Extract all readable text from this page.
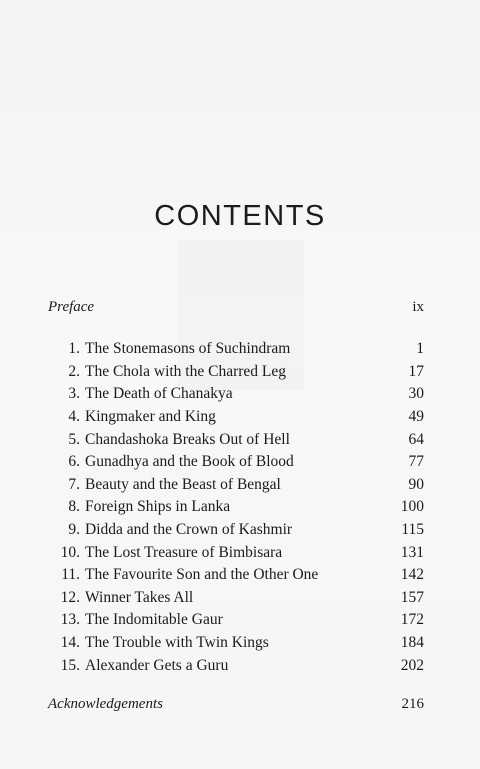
CONTENTS
Preface	ix
1. The Stonemasons of Suchindram	1
2. The Chola with the Charred Leg	17
3. The Death of Chanakya	30
4. Kingmaker and King	49
5. Chandashoka Breaks Out of Hell	64
6. Gunadhya and the Book of Blood	77
7. Beauty and the Beast of Bengal	90
8. Foreign Ships in Lanka	100
9. Didda and the Crown of Kashmir	115
10. The Lost Treasure of Bimbisara	131
11. The Favourite Son and the Other One	142
12. Winner Takes All	157
13. The Indomitable Gaur	172
14. The Trouble with Twin Kings	184
15. Alexander Gets a Guru	202
Acknowledgements	216
